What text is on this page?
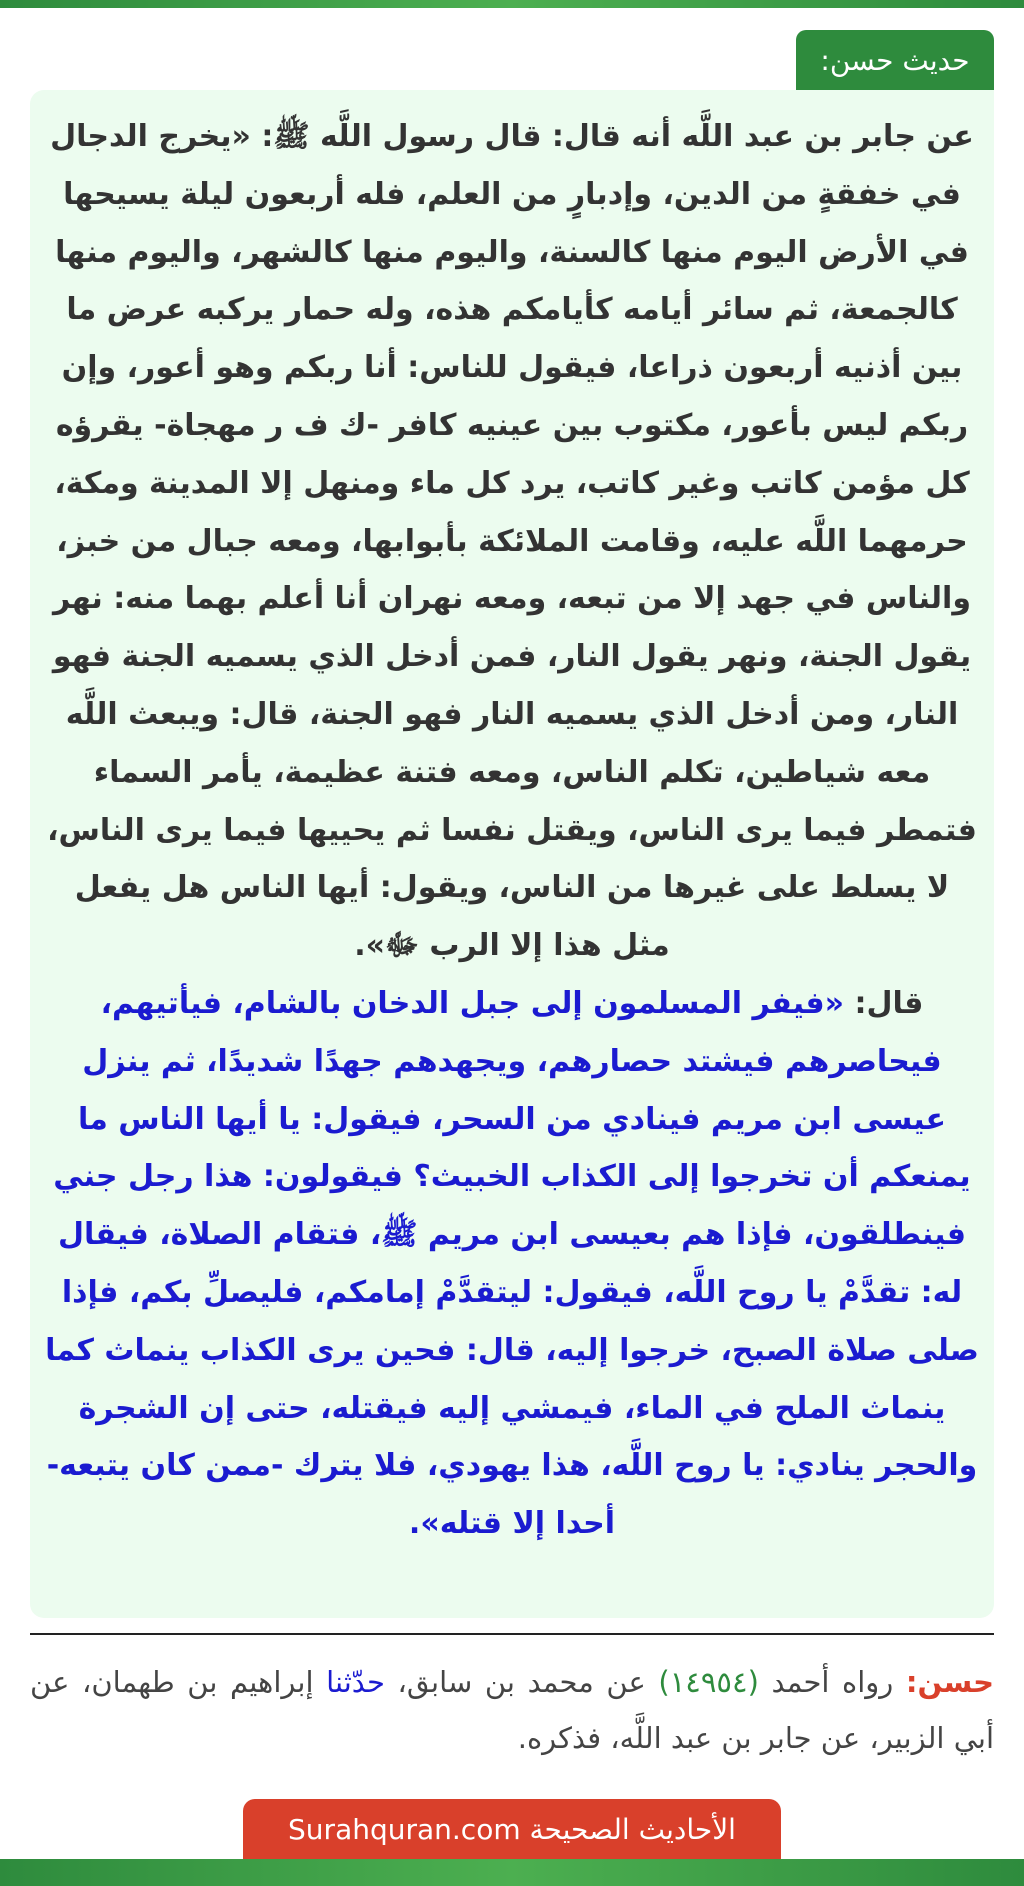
حديث حسن:

عن جابر بن عبد اللَّه أنه قال: قال رسول اللَّه ﷺ: «يخرج الدجال في خفقةٍ من الدين، وإدبارٍ من العلم، فله أربعون ليلة يسيحها في الأرض اليوم منها كالسنة، واليوم منها كالشهر، واليوم منها كالجمعة، ثم سائر أيامه كأيامكم هذه، وله حمار يركبه عرض ما بين أذنيه أربعون ذراعا، فيقول للناس: أنا ربكم وهو أعور، وإن ربكم ليس بأعور، مكتوب بين عينيه كافر -ك ف ر مهجاة- يقرؤه كل مؤمن كاتب وغير كاتب، يرد كل ماء ومنهل إلا المدينة ومكة، حرمهما اللَّه عليه، وقامت الملائكة بأبوابها، ومعه جبال من خبز، والناس في جهد إلا من تبعه، ومعه نهران أنا أعلم بهما منه: نهر يقول الجنة، ونهر يقول النار، فمن أدخل الذي يسميه الجنة فهو النار، ومن أدخل الذي يسميه النار فهو الجنة، قال: ويبعث اللَّه معه شياطين، تكلم الناس، ومعه فتنة عظيمة، يأمر السماء فتمطر فيما يرى الناس، ويقتل نفسا ثم يحييها فيما يرى الناس، لا يسلط على غيرها من الناس، ويقول: أيها الناس هل يفعل مثل هذا إلا الرب ﷻ».

قال: «فيفر المسلمون إلى جبل الدخان بالشام، فيأتيهم، فيحاصرهم فيشتد حصارهم، ويجهدهم جهدًا شديدًا، ثم ينزل عيسى ابن مريم فينادي من السحر، فيقول: يا أيها الناس ما يمنعكم أن تخرجوا إلى الكذاب الخبيث؟ فيقولون: هذا رجل جني فينطلقون، فإذا هم بعيسى ابن مريم ﷺ، فتقام الصلاة، فيقال له: تقدَّمْ يا روح اللَّه، فيقول: ليتقدَّمْ إمامكم، فليصلِّ بكم، فإذا صلى صلاة الصبح، خرجوا إليه، قال: فحين يرى الكذاب ينماث كما ينماث الملح في الماء، فيمشي إليه فيقتله، حتى إن الشجرة والحجر ينادي: يا روح اللَّه، هذا يهودي، فلا يترك -ممن كان يتبعه- أحدا إلا قتله».

حسن: رواه أحمد (١٤٩٥٤) عن محمد بن سابق، حدّثنا إبراهيم بن طهمان، عن أبي الزبير، عن جابر بن عبد اللَّه، فذكره.
الأحاديث الصحيحة Surahquran.com
